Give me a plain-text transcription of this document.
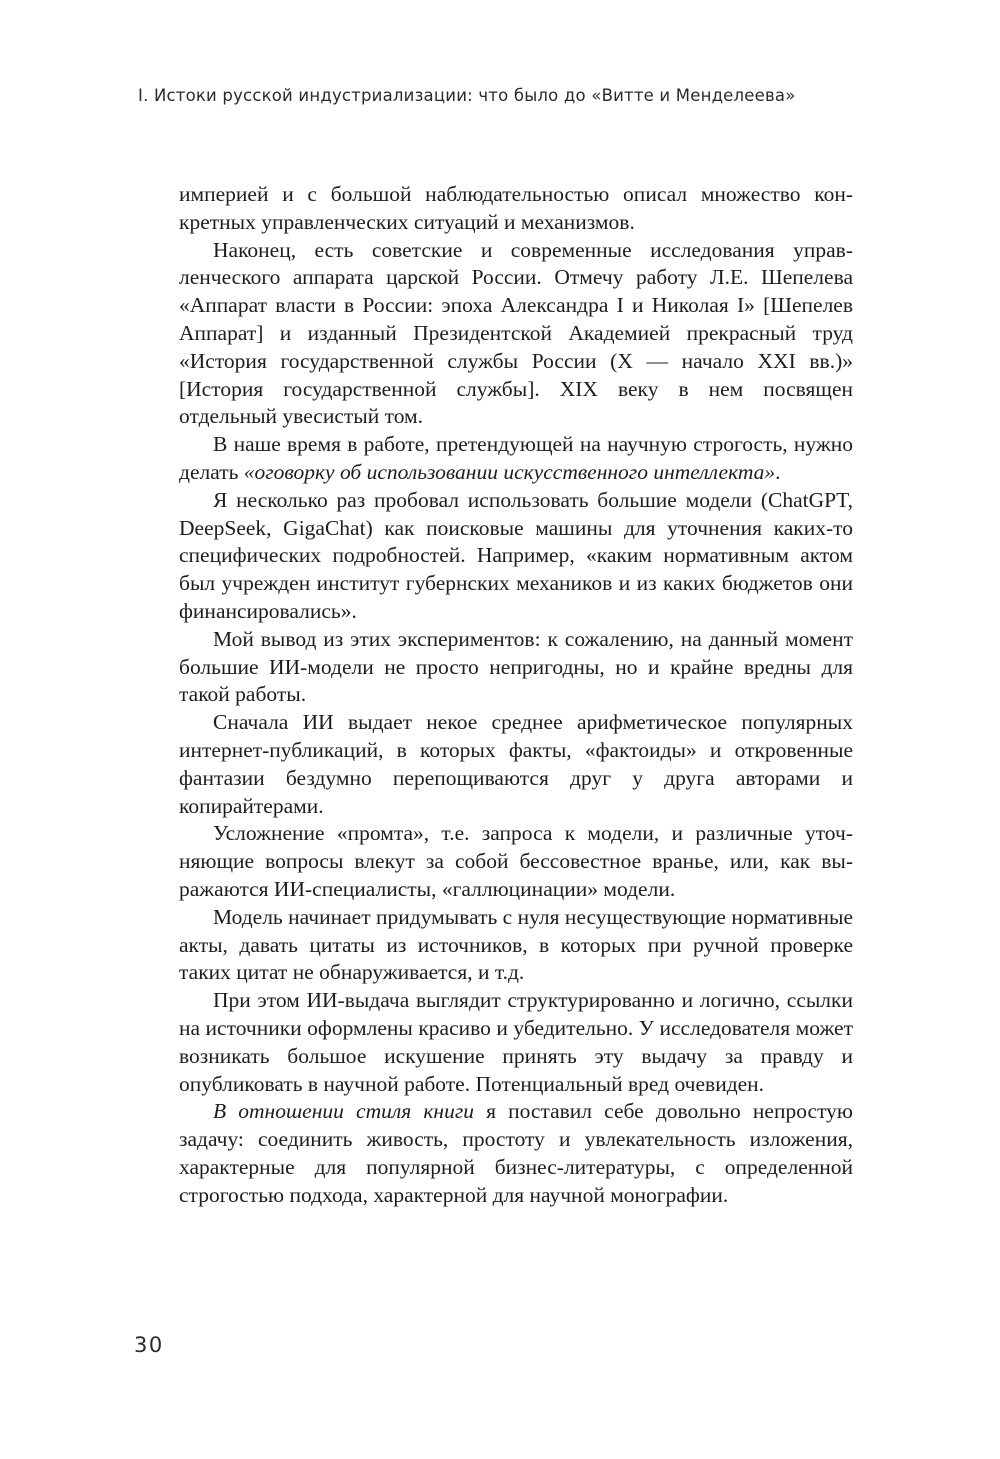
I. Истоки русской индустриализации: что было до «Витте и Менделеева»

империей и с большой наблюдательностью описал множество конкретных управленческих ситуаций и механизмов.

Наконец, есть советские и современные исследования управленческого аппарата царской России. Отмечу работу Л.Е. Шепелева «Аппарат власти в России: эпоха Александра I и Николая I» [Шепелев Аппарат] и изданный Президентской Академией прекрасный труд «История государственной службы России (X — начало XXI вв.)» [История государственной службы]. XIX веку в нем посвящен отдельный увесистый том.

В наше время в работе, претендующей на научную строгость, нужно делать «оговорку об использовании искусственного интеллекта».

Я несколько раз пробовал использовать большие модели (ChatGPT, DeepSeek, GigaChat) как поисковые машины для уточнения каких-то специфических подробностей. Например, «каким нормативным актом был учрежден институт губернских механиков и из каких бюджетов они финансировались».

Мой вывод из этих экспериментов: к сожалению, на данный момент большие ИИ-модели не просто непригодны, но и крайне вредны для такой работы.

Сначала ИИ выдает некое среднее арифметическое популярных интернет-публикаций, в которых факты, «фактоиды» и откровенные фантазии бездумно перепощиваются друг у друга авторами и копирайтерами.

Усложнение «промта», т.е. запроса к модели, и различные уточняющие вопросы влекут за собой бессовестное вранье, или, как выражаются ИИ-специалисты, «галлюцинации» модели.

Модель начинает придумывать с нуля несуществующие нормативные акты, давать цитаты из источников, в которых при ручной проверке таких цитат не обнаруживается, и т.д.

При этом ИИ-выдача выглядит структурированно и логично, ссылки на источники оформлены красиво и убедительно. У исследователя может возникать большое искушение принять эту выдачу за правду и опубликовать в научной работе. Потенциальный вред очевиден.

В отношении стиля книги я поставил себе довольно непростую задачу: соединить живость, простоту и увлекательность изложения, характерные для популярной бизнес-литературы, с определенной строгостью подхода, характерной для научной монографии.

30
